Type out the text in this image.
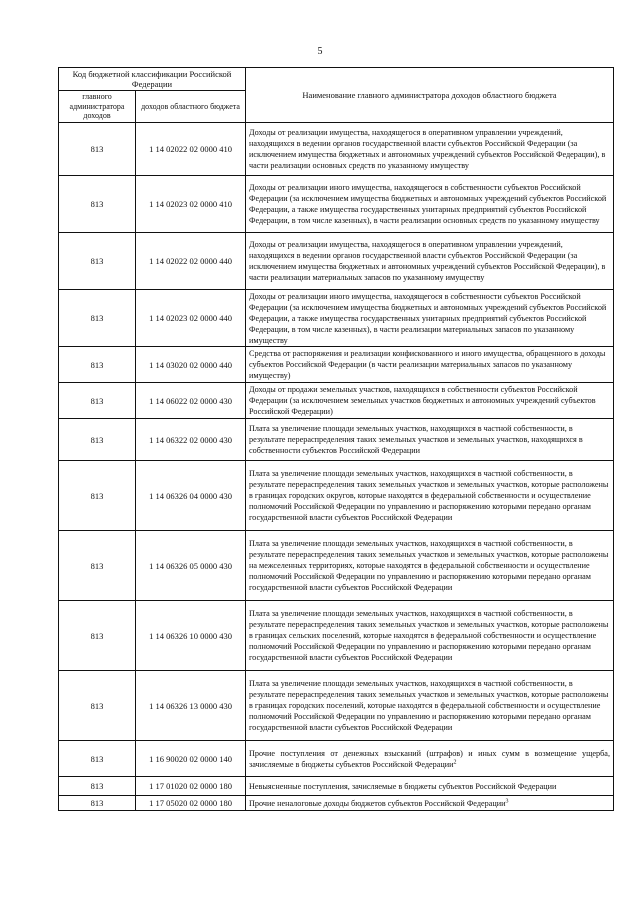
5
Код бюджетной классификации Российской Федерации		Наименование главного администратора доходов областного бюджета
главного администратора доходов	доходов областного бюджета	
813	1 14 02022 02 0000 410	Доходы от реализации имущества, находящегося в оперативном управлении учреждений, находящихся в ведении органов государственной власти субъектов Российской Федерации (за исключением имущества бюджетных и автономных учреждений субъектов Российской Федерации), в части реализации основных средств по указанному имуществу
813	1 14 02023 02 0000 410	Доходы от реализации иного имущества, находящегося в собственности субъектов Российской Федерации (за исключением имущества бюджетных и автономных учреждений субъектов Российской Федерации, а также имущества государственных унитарных предприятий субъектов Российской Федерации, в том числе казенных), в части реализации основных средств по указанному имуществу
813	1 14 02022 02 0000 440	Доходы от реализации имущества, находящегося в оперативном управлении учреждений, находящихся в ведении органов государственной власти субъектов Российской Федерации (за исключением имущества бюджетных и автономных учреждений субъектов Российской Федерации), в части реализации материальных запасов по указанному имуществу
813	1 14 02023 02 0000 440	Доходы от реализации иного имущества, находящегося в собственности субъектов Российской Федерации (за исключением имущества бюджетных и автономных учреждений субъектов Российской Федерации, а также имущества государственных унитарных предприятий субъектов Российской Федерации, в том числе казенных), в части реализации материальных запасов по указанному имуществу
813	1 14 03020 02 0000 440	Средства от распоряжения и реализации конфискованного и иного имущества, обращенного в доходы субъектов Российской Федерации (в части реализации материальных запасов по указанному имуществу)
813	1 14 06022 02 0000 430	Доходы от продажи земельных участков, находящихся в собственности субъектов Российской Федерации (за исключением земельных участков бюджетных и автономных учреждений субъектов Российской Федерации)
813	1 14 06322 02 0000 430	Плата за увеличение площади земельных участков, находящихся в частной собственности, в результате перераспределения таких земельных участков и земельных участков, находящихся в собственности субъектов Российской Федерации
813	1 14 06326 04 0000 430	Плата за увеличение площади земельных участков, находящихся в частной собственности, в результате перераспределения таких земельных участков и земельных участков, которые расположены в границах городских округов, которые находятся в федеральной собственности и осуществление полномочий Российской Федерации по управлению и распоряжению которыми передано органам государственной власти субъектов Российской Федерации
813	1 14 06326 05 0000 430	Плата за увеличение площади земельных участков, находящихся в частной собственности, в результате перераспределения таких земельных участков и земельных участков, которые расположены на межселенных территориях, которые находятся в федеральной собственности и осуществление полномочий Российской Федерации по управлению и распоряжению которыми передано органам государственной власти субъектов Российской Федерации
813	1 14 06326 10 0000 430	Плата за увеличение площади земельных участков, находящихся в частной собственности, в результате перераспределения таких земельных участков и земельных участков, которые расположены в границах сельских поселений, которые находятся в федеральной собственности и осуществление полномочий Российской Федерации по управлению и распоряжению которыми передано органам государственной власти субъектов Российской Федерации
813	1 14 06326 13 0000 430	Плата за увеличение площади земельных участков, находящихся в частной собственности, в результате перераспределения таких земельных участков и земельных участков, которые расположены в границах городских поселений, которые находятся в федеральной собственности и осуществление полномочий Российской Федерации по управлению и распоряжению которыми передано органам государственной власти субъектов Российской Федерации
813	1 16 90020 02 0000 140	Прочие поступления от денежных взысканий (штрафов) и иных сумм в возмещение ущерба, зачисляемые в бюджеты субъектов Российской Федерации$^2$
813	1 17 01020 02 0000 180	Невыясненные поступления, зачисляемые в бюджеты субъектов Российской Федерации
813	1 17 05020 02 0000 180	Прочие неналоговые доходы бюджетов субъектов Российской Федерации$^3$
